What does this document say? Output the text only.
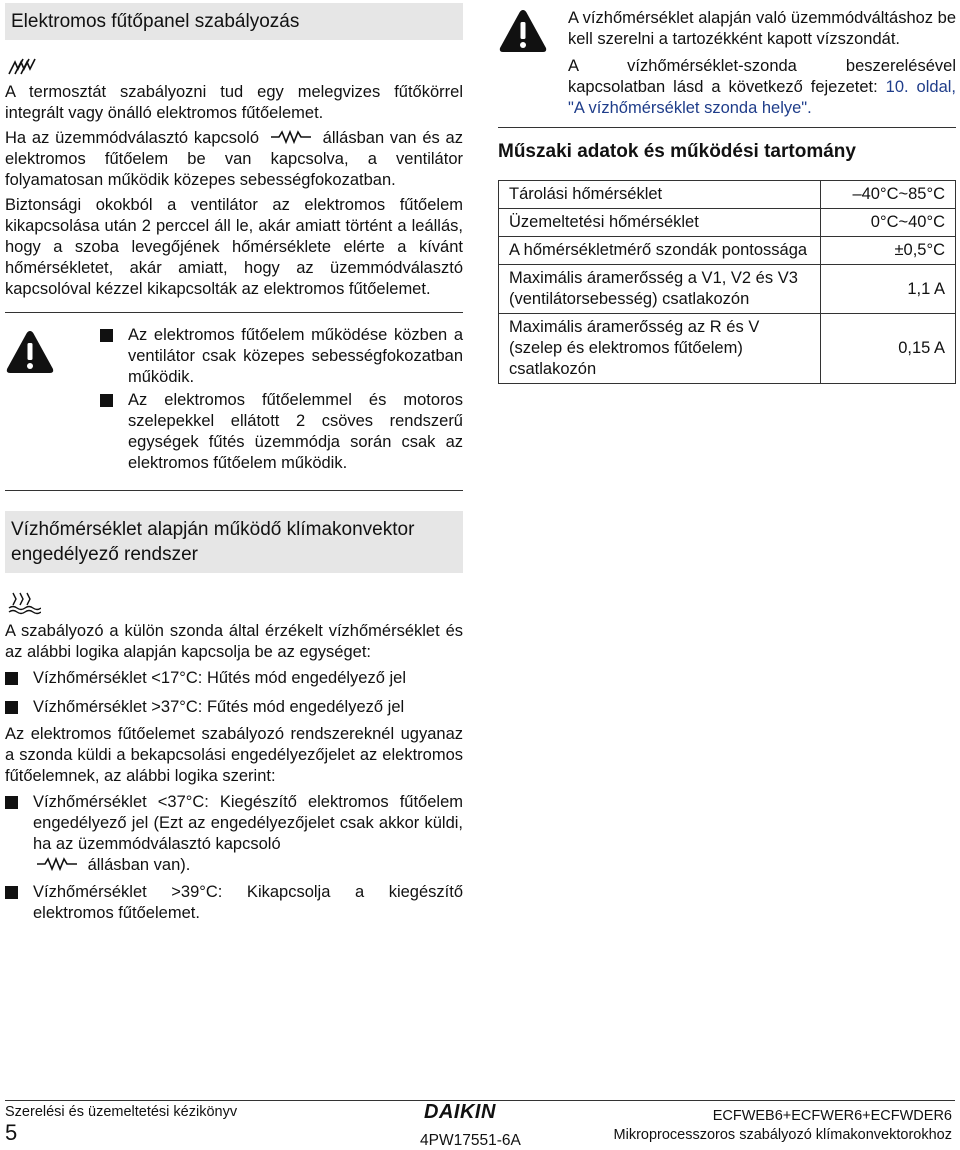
Elektromos fűtőpanel szabályozás

A termosztát szabályozni tud egy melegvizes fűtőkörrel integrált vagy önálló elektromos fűtőelemet.

Ha az üzemmódválasztó kapcsoló	állásban van és az elektromos fűtőelem be van kapcsolva, a ventilátor folyamatosan működik közepes sebességfokozatban.

Biztonsági okokból a ventilátor az elektromos fűtőelem kikapcsolása után 2 perccel áll le, akár amiatt történt a leállás, hogy a szoba levegőjének hőmérséklete elérte a kívánt hőmérsékletet, akár amiatt, hogy az üzemmódválasztó kapcsolóval kézzel kikapcsolták az elektromos fűtőelemet.

Az elektromos fűtőelem működése közben a ventilátor csak közepes sebességfokozatban működik.
Az elektromos fűtőelemmel és motoros szelepekkel ellátott 2 csöves rendszerű egységek fűtés üzemmódja során csak az elektromos fűtőelem működik.
Vízhőmérséklet alapján működő klímakonvektor engedélyező rendszer

A szabályozó a külön szonda által érzékelt vízhőmérséklet és az alábbi logika alapján kapcsolja be az egységet:

Vízhőmérséklet <17°C: Hűtés mód engedélyező jel
Vízhőmérséklet >37°C: Fűtés mód engedélyező jel

Az elektromos fűtőelemet szabályozó rendszereknél ugyanaz a szonda küldi a bekapcsolási engedélyezőjelet az elektromos fűtőelemnek, az alábbi logika szerint:

Vízhőmérséklet <37°C: Kiegészítő elektromos fűtőelem engedélyező jel (Ezt az engedélyezőjelet csak akkor küldi, ha az üzemmódválasztó kapcsoló
állásban van).
Vízhőmérséklet >39°C: Kikapcsolja a kiegészítő elektromos fűtőelemet.

A vízhőmérséklet alapján való üzemmódváltáshoz be kell szerelni a tartozékként kapott vízszondát.

A vízhőmérséklet-szonda beszerelésével kapcsolatban lásd a következő fejezetet: 10. oldal, "A vízhőmérséklet szonda helye".

Műszaki adatok és működési tartomány
Tárolási hőmérséklet	–40°C~85°C
Üzemeltetési hőmérséklet	0°C~40°C
A hőmérsékletmérő szondák pontossága	±0,5°C
Maximális áramerősség a V1, V2 és V3 (ventilátorsebesség) csatlakozón	1,1 A
Maximális áramerősség az R és V (szelep és elektromos fűtőelem) csatlakozón	0,15 A
Szerelési és üzemeltetési kézikönyv
5
DAIKIN
4PW17551-6A
ECFWEB6+ECFWER6+ECFWDER6
Mikroprocesszoros szabályozó klímakonvektorokhoz
